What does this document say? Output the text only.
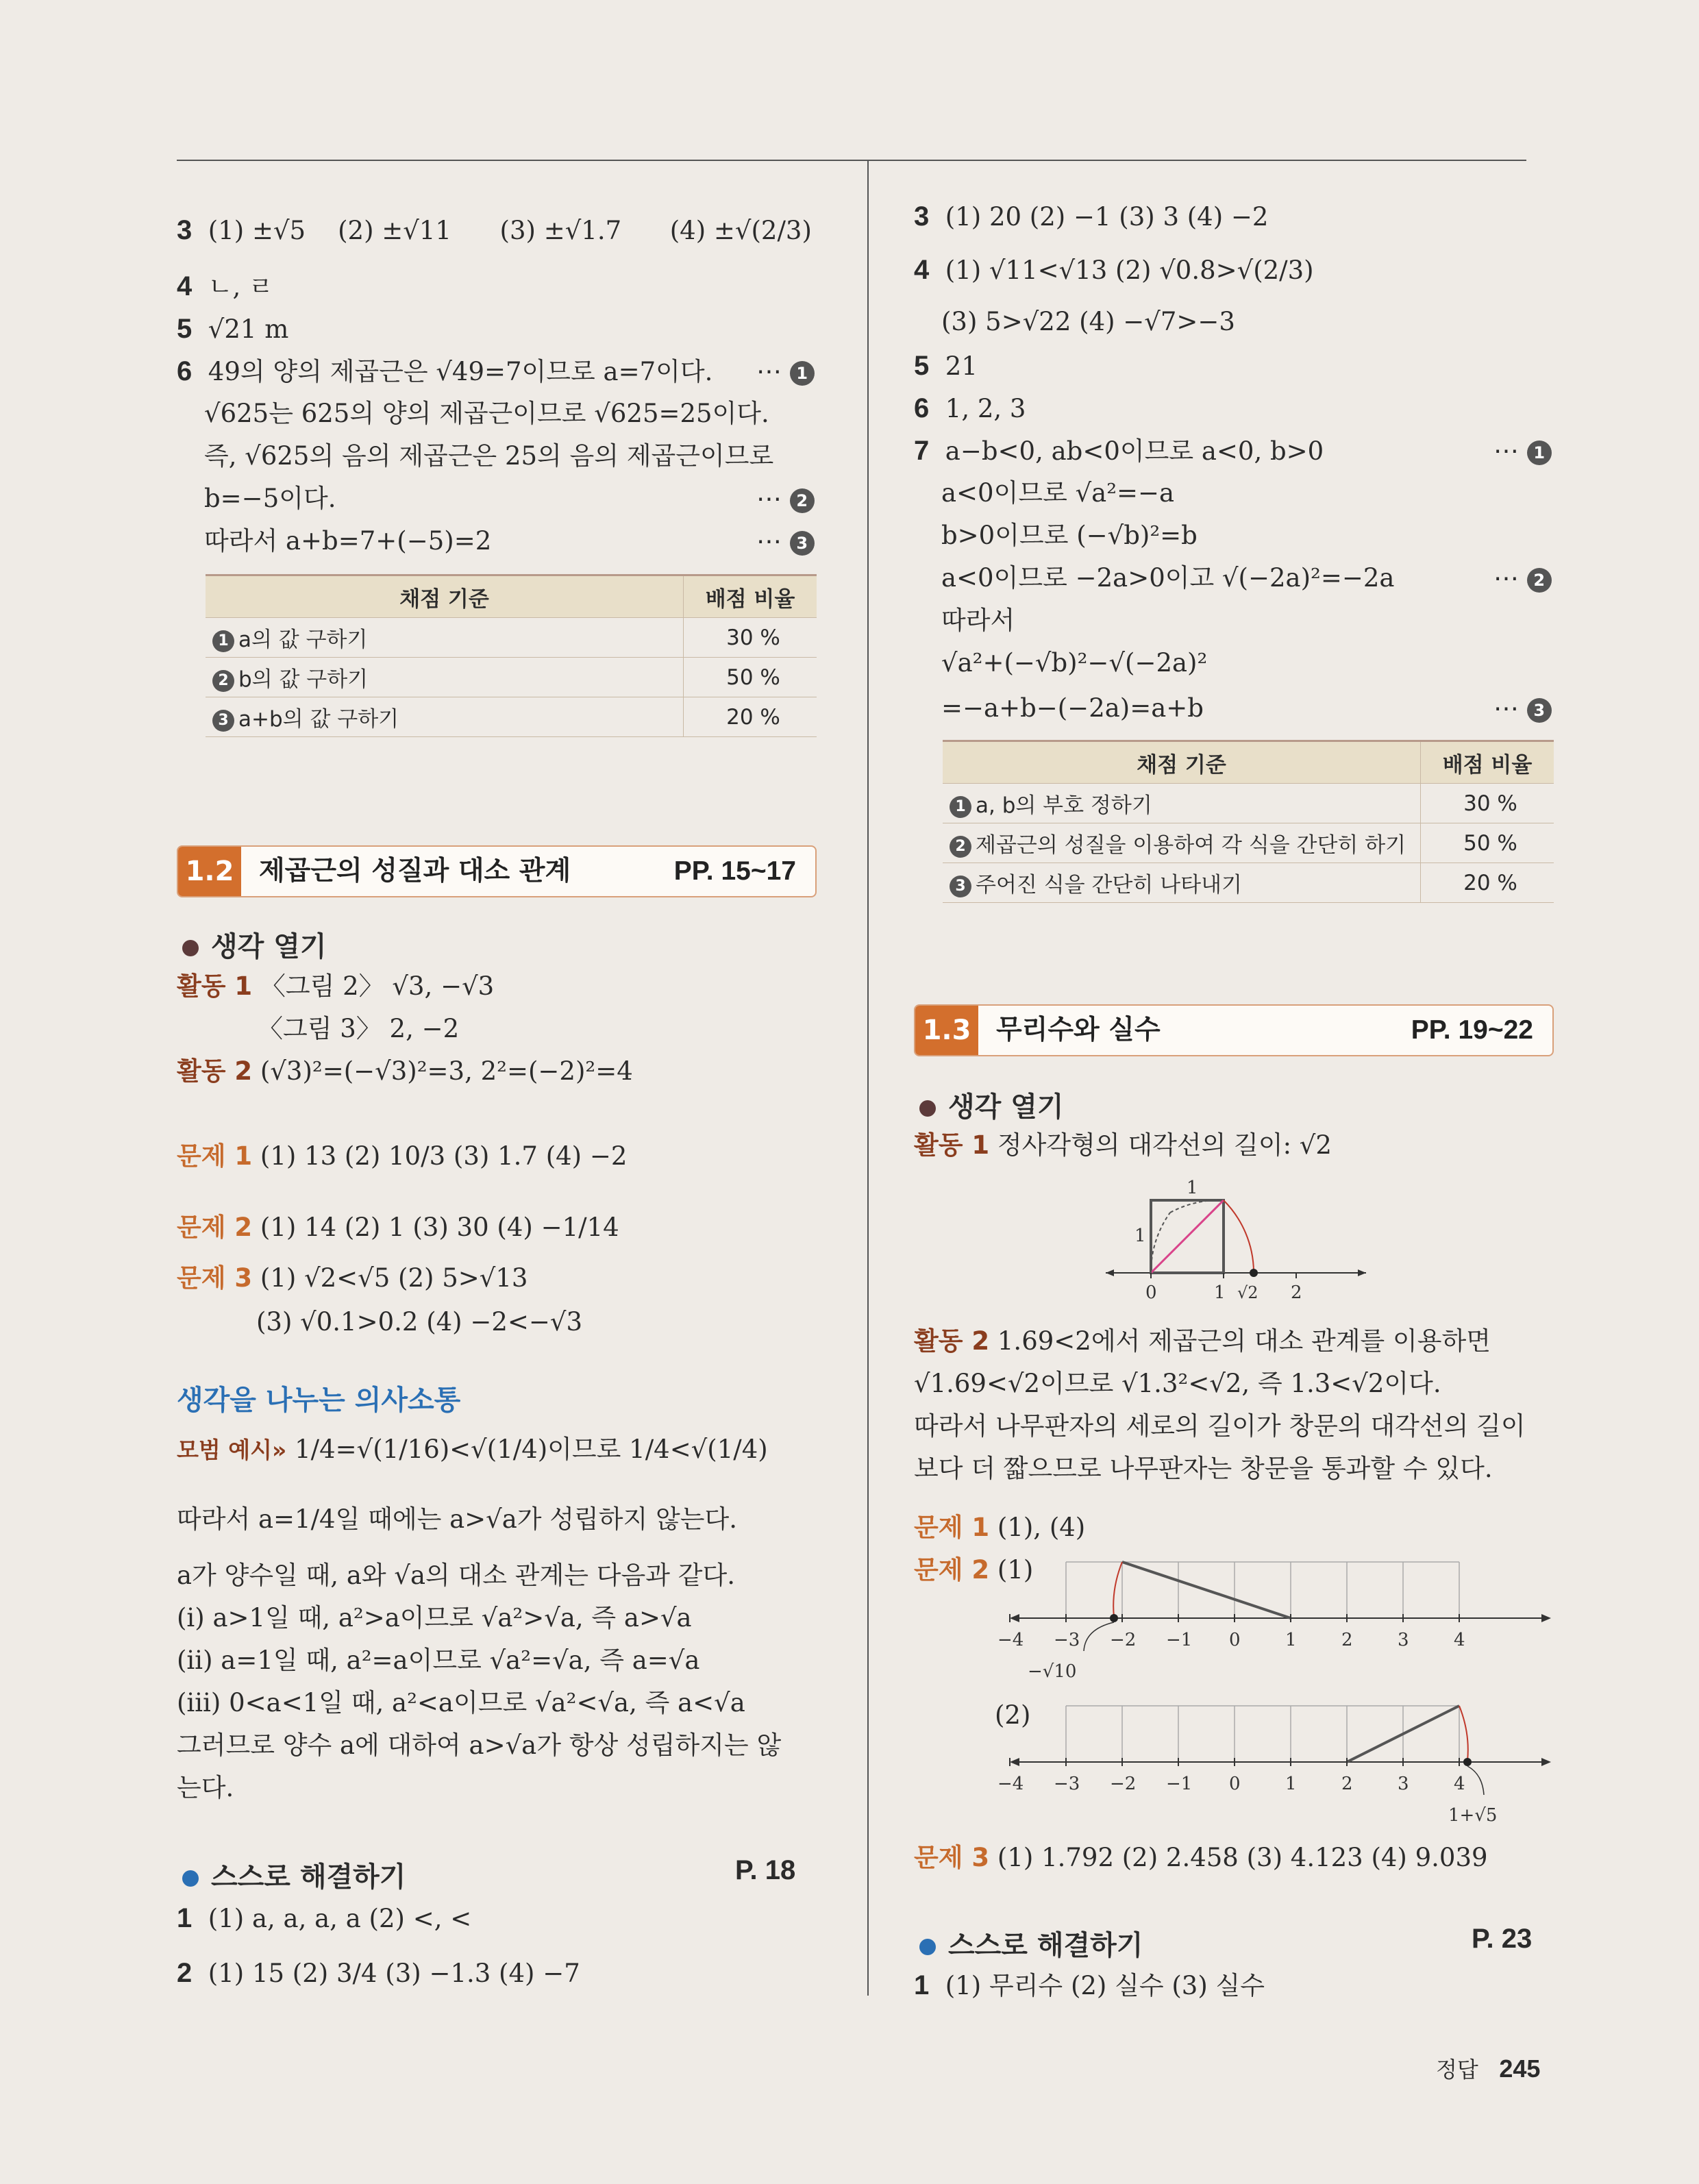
3 (1) ±√5 (2) ±√11 (3) ±√1.7 (4) ±√(2/3)
4 ㄴ, ㄹ
5 √21 m
6 49의 양의 제곱근은 √49=7이므로 a=7이다. ⋯ 1
√625는 625의 양의 제곱근이므로 √625=25이다.
즉, √625의 음의 제곱근은 25의 음의 제곱근이므로
b=−5이다.	⋯ 2
따라서 a+b=7+(−5)=2	⋯ 3
채점 기준	배점 비율
1 a의 값 구하기	30 %
2 b의 값 구하기	50 %
3 a+b의 값 구하기	20 %
1.2 제곱근의 성질과 대소 관계	PP. 15~17
생각 열기
활동 1 〈그림 2〉 √3, −√3
〈그림 3〉 2, −2
활동 2 (√3)²=(−√3)²=3, 2²=(−2)²=4
문제 1 (1) 13 (2) 10/3 (3) 1.7 (4) −2
문제 2 (1) 14 (2) 1 (3) 30 (4) −1/14
문제 3 (1) √2<√5 (2) 5>√13
(3) √0.1>0.2 (4) −2<−√3
생각을 나누는 의사소통
모범 예시» 1/4=√(1/16)<√(1/4)이므로 1/4<√(1/4)
따라서 a=1/4일 때에는 a>√a가 성립하지 않는다.
a가 양수일 때, a와 √a의 대소 관계는 다음과 같다.
(ⅰ) a>1일 때, a²>a이므로 √a²>√a, 즉 a>√a
(ⅱ) a=1일 때, a²=a이므로 √a²=√a, 즉 a=√a
(ⅲ) 0<a<1일 때, a²<a이므로 √a²<√a, 즉 a<√a
그러므로 양수 a에 대하여 a>√a가 항상 성립하지는 않
는다.
스스로 해결하기	P. 18
1 (1) a, a, a, a (2) <, <
2 (1) 15 (2) 3/4 (3) −1.3 (4) −7
3 (1) 20 (2) −1 (3) 3 (4) −2
4 (1) √11<√13 (2) √0.8>√(2/3)
(3) 5>√22 (4) −√7>−3
5 21
6 1, 2, 3
7 a−b<0, ab<0이므로 a<0, b>0	⋯ 1
a<0이므로 √a²=−a
b>0이므로 (−√b)²=b
a<0이므로 −2a>0이고 √(−2a)²=−2a	⋯ 2
따라서
√a²+(−√b)²−√(−2a)²
=−a+b−(−2a)=a+b	⋯ 3
채점 기준	배점 비율
1 a, b의 부호 정하기	30 %
2 제곱근의 성질을 이용하여 각 식을 간단히 하기	50 %
3 주어진 식을 간단히 나타내기	20 %
1.3 무리수와 실수	PP. 19~22
생각 열기
활동 1 정사각형의 대각선의 길이: √2
1
1
0	1 √2 2
활동 2 1.69<2에서 제곱근의 대소 관계를 이용하면
√1.69<√2이므로 √1.3²<√2, 즉 1.3<√2이다.
따라서 나무판자의 세로의 길이가 창문의 대각선의 길이
보다 더 짧으므로 나무판자는 창문을 통과할 수 있다.
문제 1 (1), (4)
문제 2 (1)
−4 −3 −2 −1 0	1	2	3	4
−√10
(2)
−4 −3 −2 −1 0	1	2	3	4
1+√5
문제 3 (1) 1.792 (2) 2.458 (3) 4.123 (4) 9.039
스스로 해결하기	P. 23
1 (1) 무리수 (2) 실수 (3) 실수
정답 245
